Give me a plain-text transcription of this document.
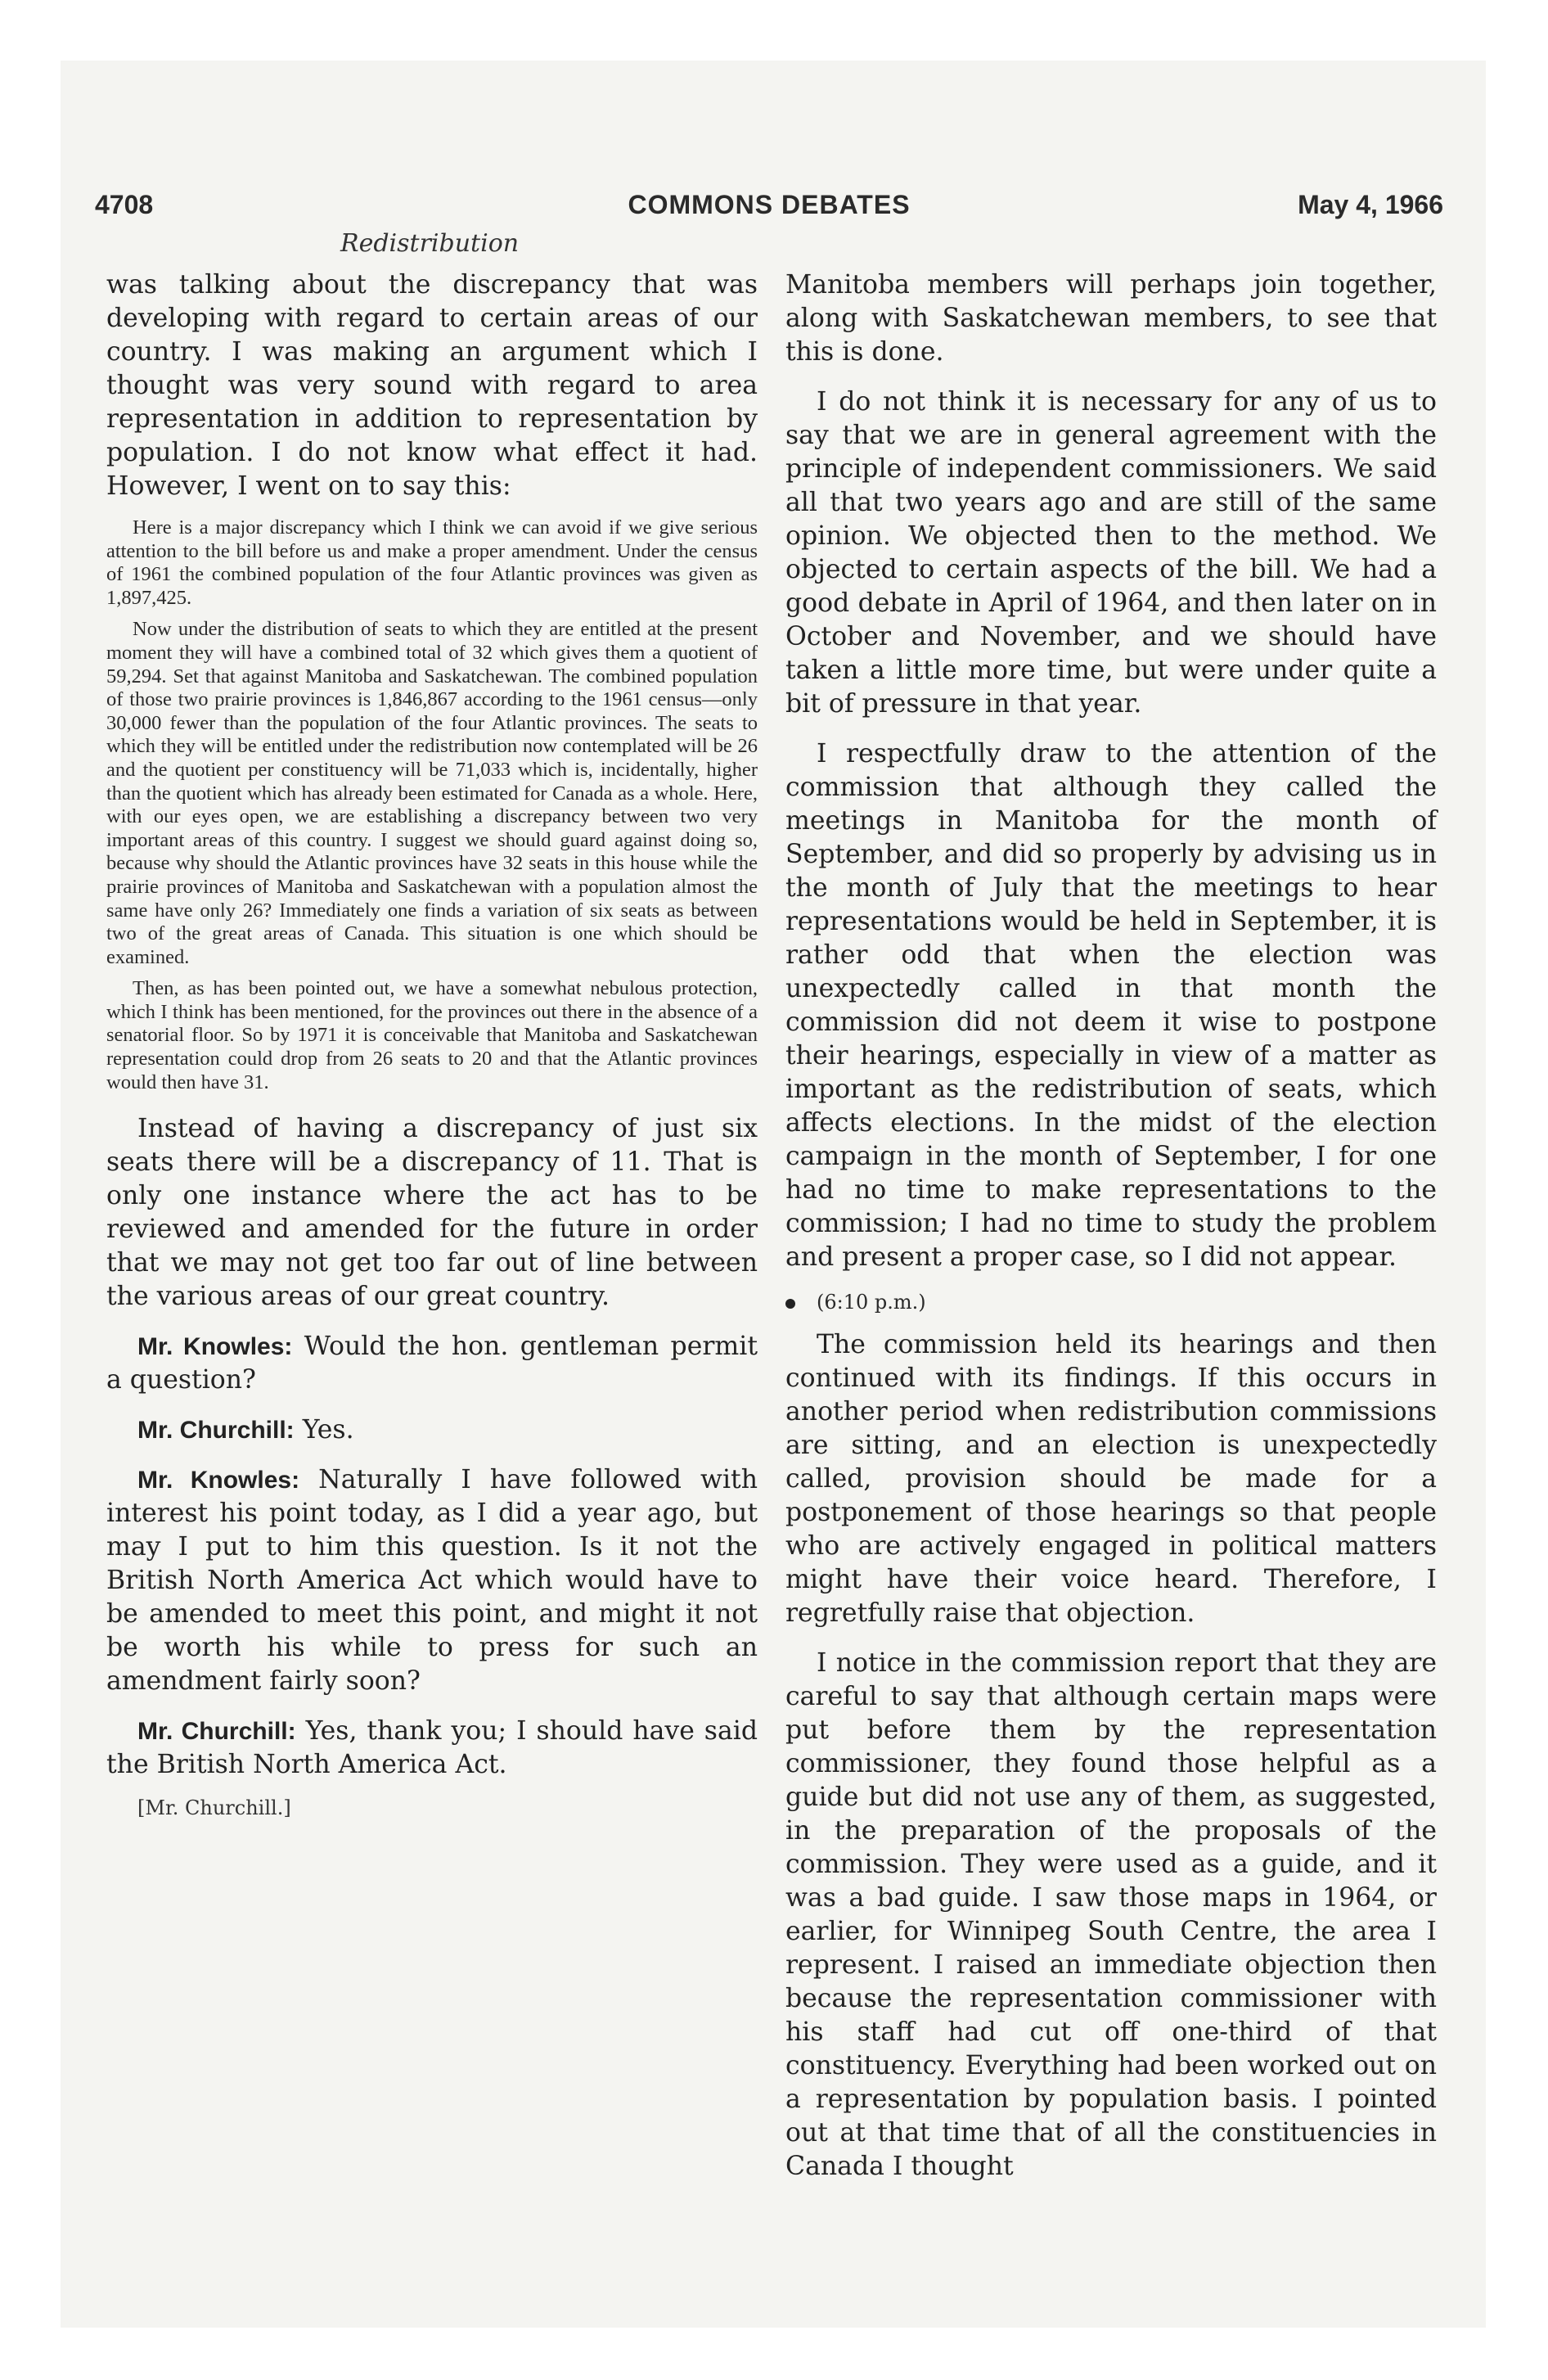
4708	COMMONS DEBATES	May 4, 1966
Redistribution

was talking about the discrepancy that was developing with regard to certain areas of our country. I was making an argument which I thought was very sound with regard to area representation in addition to representation by population. I do not know what effect it had. However, I went on to say this:

Here is a major discrepancy which I think we can avoid if we give serious attention to the bill before us and make a proper amendment. Under the census of 1961 the combined population of the four Atlantic provinces was given as 1,897,425.

Now under the distribution of seats to which they are entitled at the present moment they will have a combined total of 32 which gives them a quotient of 59,294. Set that against Manitoba and Saskatchewan. The combined population of those two prairie provinces is 1,846,867 according to the 1961 census—only 30,000 fewer than the population of the four Atlantic provinces. The seats to which they will be entitled under the redistribution now contemplated will be 26 and the quotient per constituency will be 71,033 which is, incidentally, higher than the quotient which has already been estimated for Canada as a whole. Here, with our eyes open, we are establishing a discrepancy between two very important areas of this country. I suggest we should guard against doing so, because why should the Atlantic provinces have 32 seats in this house while the prairie provinces of Manitoba and Saskatchewan with a population almost the same have only 26? Immediately one finds a variation of six seats as between two of the great areas of Canada. This situation is one which should be examined.

Then, as has been pointed out, we have a somewhat nebulous protection, which I think has been mentioned, for the provinces out there in the absence of a senatorial floor. So by 1971 it is conceivable that Manitoba and Saskatchewan representation could drop from 26 seats to 20 and that the Atlantic provinces would then have 31.

Instead of having a discrepancy of just six seats there will be a discrepancy of 11. That is only one instance where the act has to be reviewed and amended for the future in order that we may not get too far out of line between the various areas of our great country.

Mr. Knowles: Would the hon. gentleman permit a question?

Mr. Churchill: Yes.

Mr. Knowles: Naturally I have followed with interest his point today, as I did a year ago, but may I put to him this question. Is it not the British North America Act which would have to be amended to meet this point, and might it not be worth his while to press for such an amendment fairly soon?

Mr. Churchill: Yes, thank you; I should have said the British North America Act.

[Mr. Churchill.]

Manitoba members will perhaps join together, along with Saskatchewan members, to see that this is done.

I do not think it is necessary for any of us to say that we are in general agreement with the principle of independent commissioners. We said all that two years ago and are still of the same opinion. We objected then to the method. We objected to certain aspects of the bill. We had a good debate in April of 1964, and then later on in October and November, and we should have taken a little more time, but were under quite a bit of pressure in that year.

I respectfully draw to the attention of the commission that although they called the meetings in Manitoba for the month of September, and did so properly by advising us in the month of July that the meetings to hear representations would be held in September, it is rather odd that when the election was unexpectedly called in that month the commission did not deem it wise to postpone their hearings, especially in view of a matter as important as the redistribution of seats, which affects elections. In the midst of the election campaign in the month of September, I for one had no time to make representations to the commission; I had no time to study the problem and present a proper case, so I did not appear.

(6:10 p.m.)

The commission held its hearings and then continued with its findings. If this occurs in another period when redistribution commissions are sitting, and an election is unexpectedly called, provision should be made for a postponement of those hearings so that people who are actively engaged in political matters might have their voice heard. Therefore, I regretfully raise that objection.

I notice in the commission report that they are careful to say that although certain maps were put before them by the representation commissioner, they found those helpful as a guide but did not use any of them, as suggested, in the preparation of the proposals of the commission. They were used as a guide, and it was a bad guide. I saw those maps in 1964, or earlier, for Winnipeg South Centre, the area I represent. I raised an immediate objection then because the representation commissioner with his staff had cut off one-third of that constituency. Everything had been worked out on a representation by population basis. I pointed out at that time that of all the constituencies in Canada I thought
